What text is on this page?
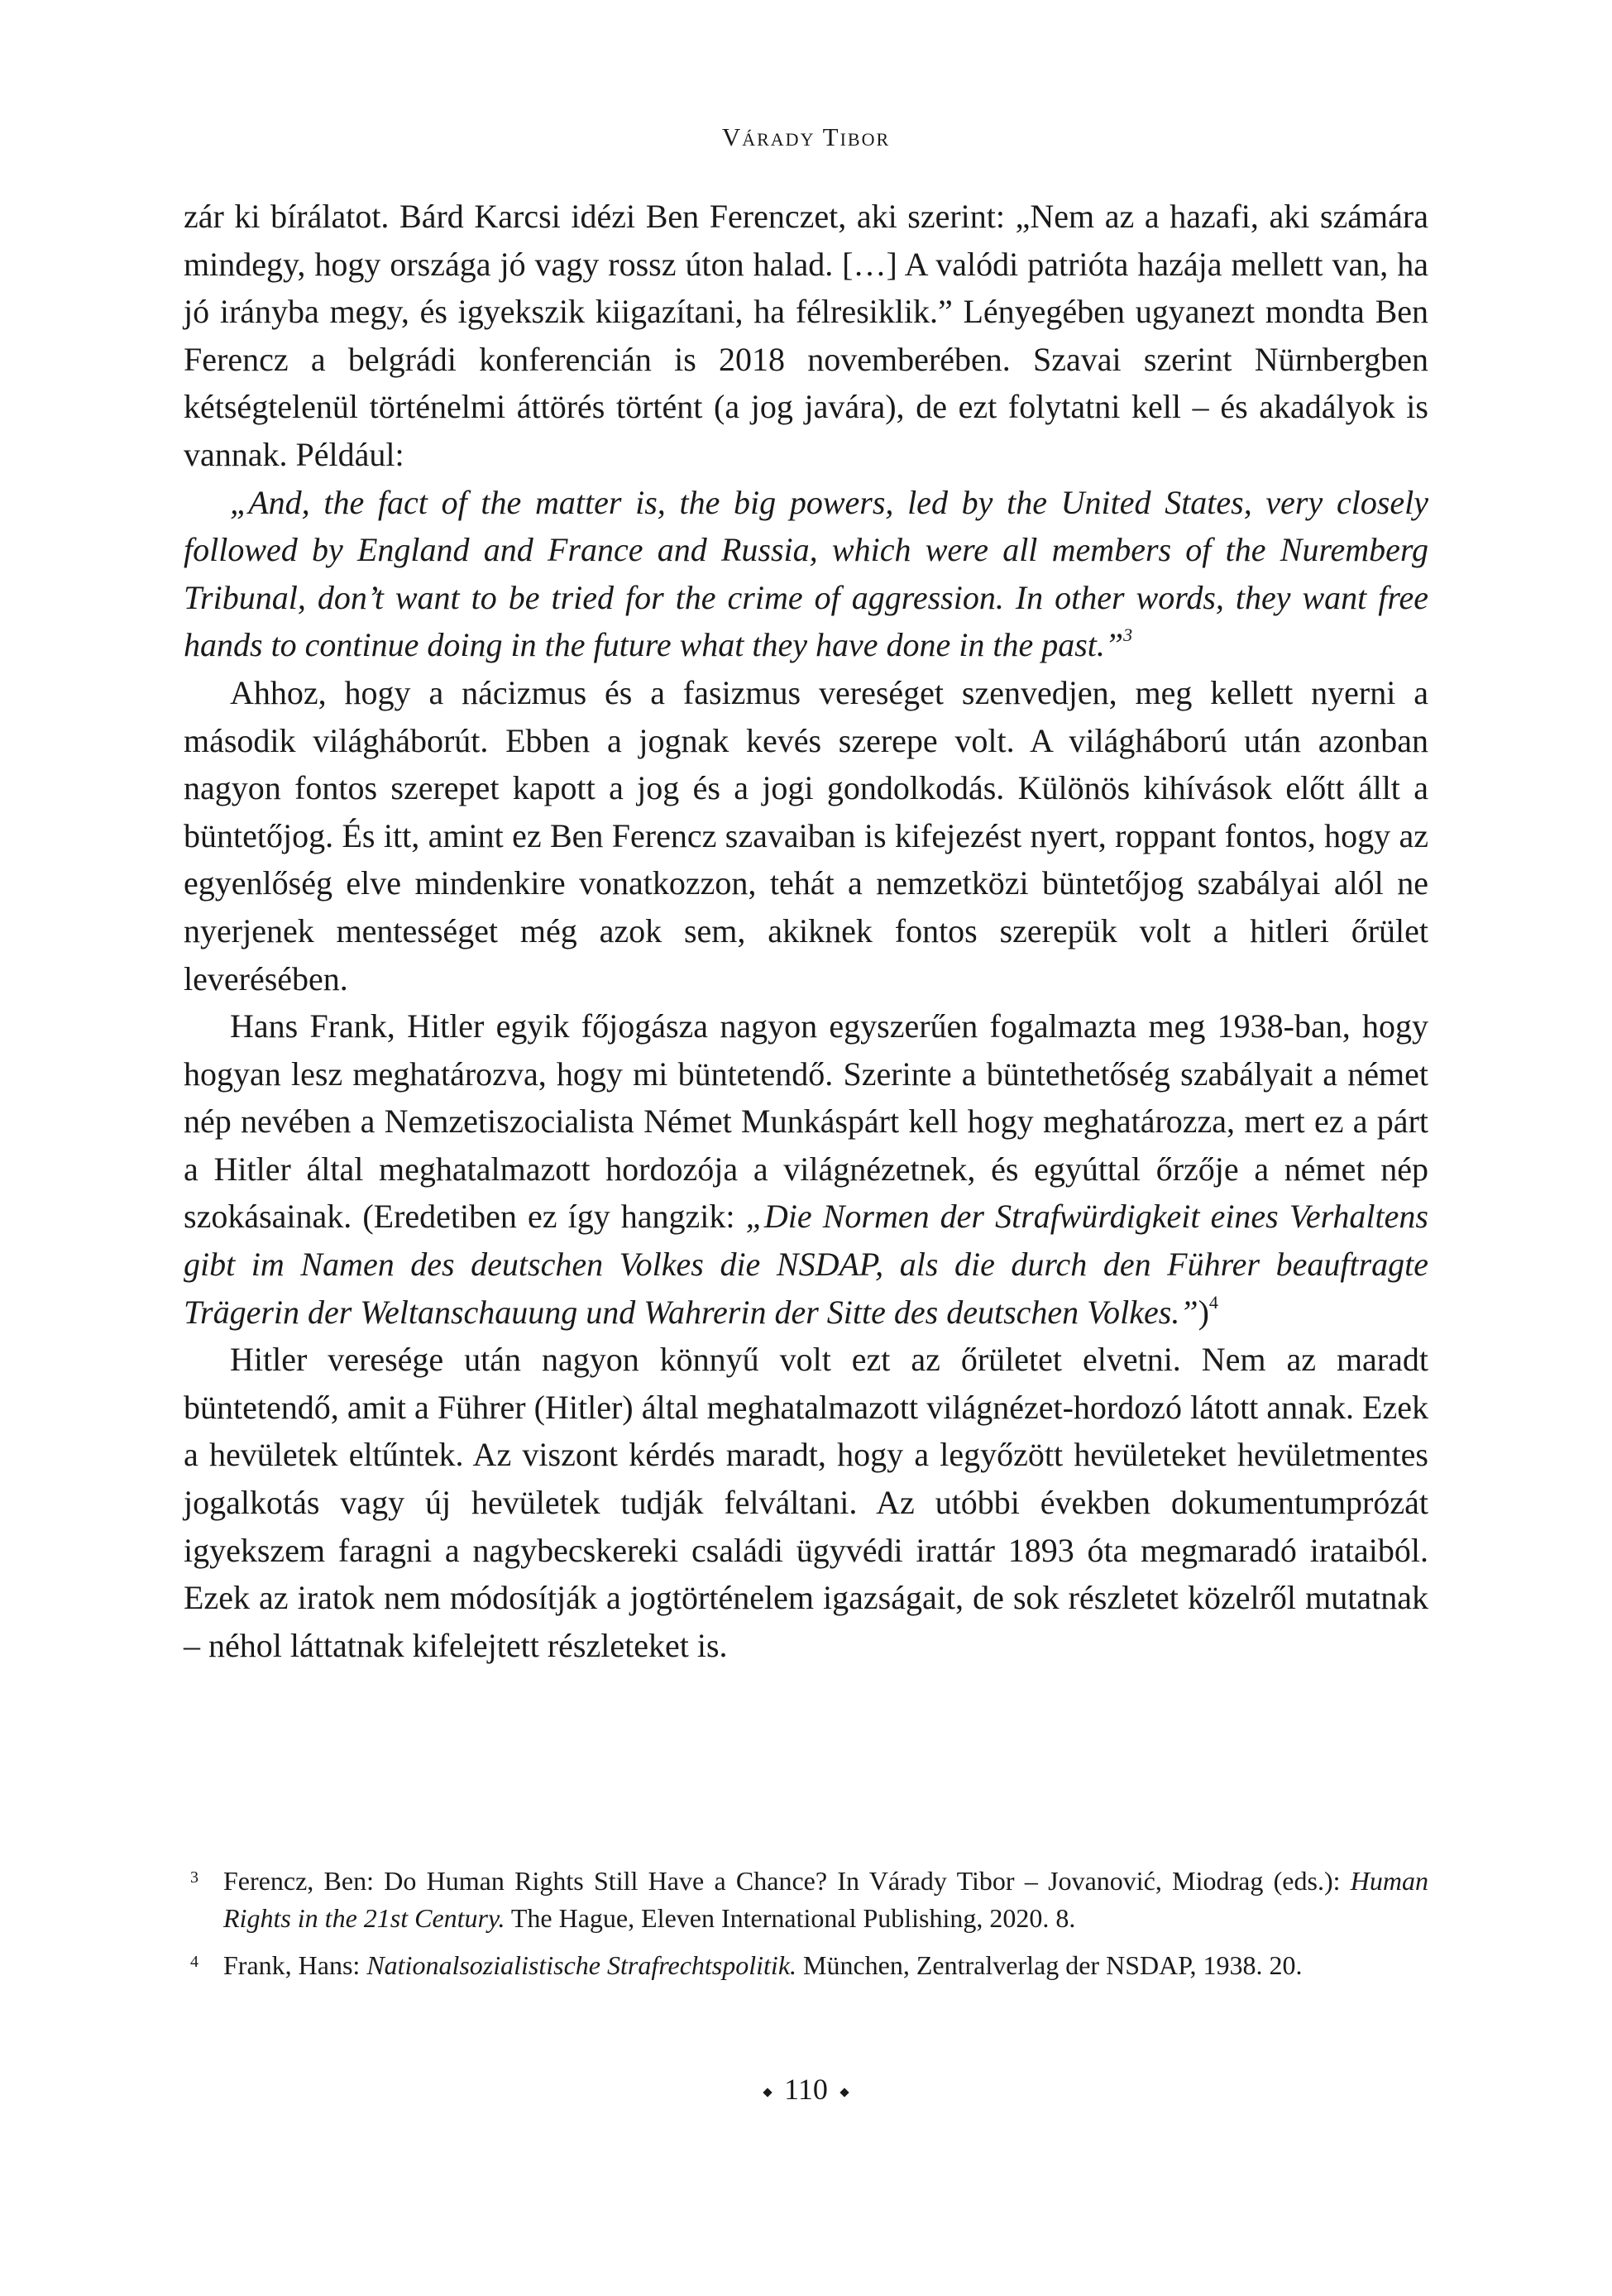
Várady Tibor

zár ki bírálatot. Bárd Karcsi idézi Ben Ferenczet, aki szerint: „Nem az a hazafi, aki számára mindegy, hogy országa jó vagy rossz úton halad. […] A valódi patrióta hazája mellett van, ha jó irányba megy, és igyekszik kiigazítani, ha félresiklik.” Lényegében ugyanezt mondta Ben Ferencz a belgrádi konferencián is 2018 novemberében. Szavai szerint Nürnbergben kétségtelenül történelmi áttörés történt (a jog javára), de ezt folytatni kell – és akadályok is vannak. Például:

„And, the fact of the matter is, the big powers, led by the United States, very closely followed by England and France and Russia, which were all members of the Nuremberg Tribunal, don’t want to be tried for the crime of aggression. In other words, they want free hands to continue doing in the future what they have done in the past.”$^3$

Ahhoz, hogy a nácizmus és a fasizmus vereséget szenvedjen, meg kellett nyerni a második világháborút. Ebben a jognak kevés szerepe volt. A világháború után azonban nagyon fontos szerepet kapott a jog és a jogi gondolkodás. Különös kihívások előtt állt a büntetőjog. És itt, amint ez Ben Ferencz szavaiban is kifejezést nyert, roppant fontos, hogy az egyenlőség elve mindenkire vonatkozzon, tehát a nemzetközi büntetőjog szabályai alól ne nyerjenek mentességet még azok sem, akiknek fontos szerepük volt a hitleri őrület leverésében.

Hans Frank, Hitler egyik főjogásza nagyon egyszerűen fogalmazta meg 1938-ban, hogy hogyan lesz meghatározva, hogy mi büntetendő. Szerinte a büntethetőség szabályait a német nép nevében a Nemzetiszocialista Német Munkáspárt kell hogy meghatározza, mert ez a párt a Hitler által meghatalmazott hordozója a világnézetnek, és egyúttal őrzője a német nép szokásainak. (Eredetiben ez így hangzik: „Die Normen der Strafwürdigkeit eines Verhaltens gibt im Namen des deutschen Volkes die NSDAP, als die durch den Führer beauftragte Trägerin der Weltanschauung und Wahrerin der Sitte des deutschen Volkes.”)$^4$

Hitler veresége után nagyon könnyű volt ezt az őrületet elvetni. Nem az maradt büntetendő, amit a Führer (Hitler) által meghatalmazott világnézet-hordozó látott annak. Ezek a hevületek eltűntek. Az viszont kérdés maradt, hogy a legyőzött hevületeket hevületmentes jogalkotás vagy új hevületek tudják felváltani. Az utóbbi években dokumentumprózát igyekszem faragni a nagybecskereki családi ügyvédi irattár 1893 óta megmaradó irataiból. Ezek az iratok nem módosítják a jogtörténelem igazságait, de sok részletet közelről mutatnak – néhol láttatnak kifelejtett részleteket is.

3 Ferencz, Ben: Do Human Rights Still Have a Chance? In Várady Tibor – Jovanović, Miodrag (eds.): Human Rights in the 21st Century. The Hague, Eleven International Publishing, 2020. 8.
4 Frank, Hans: Nationalsozialistische Strafrechtspolitik. München, Zentralverlag der NSDAP, 1938. 20.
110
